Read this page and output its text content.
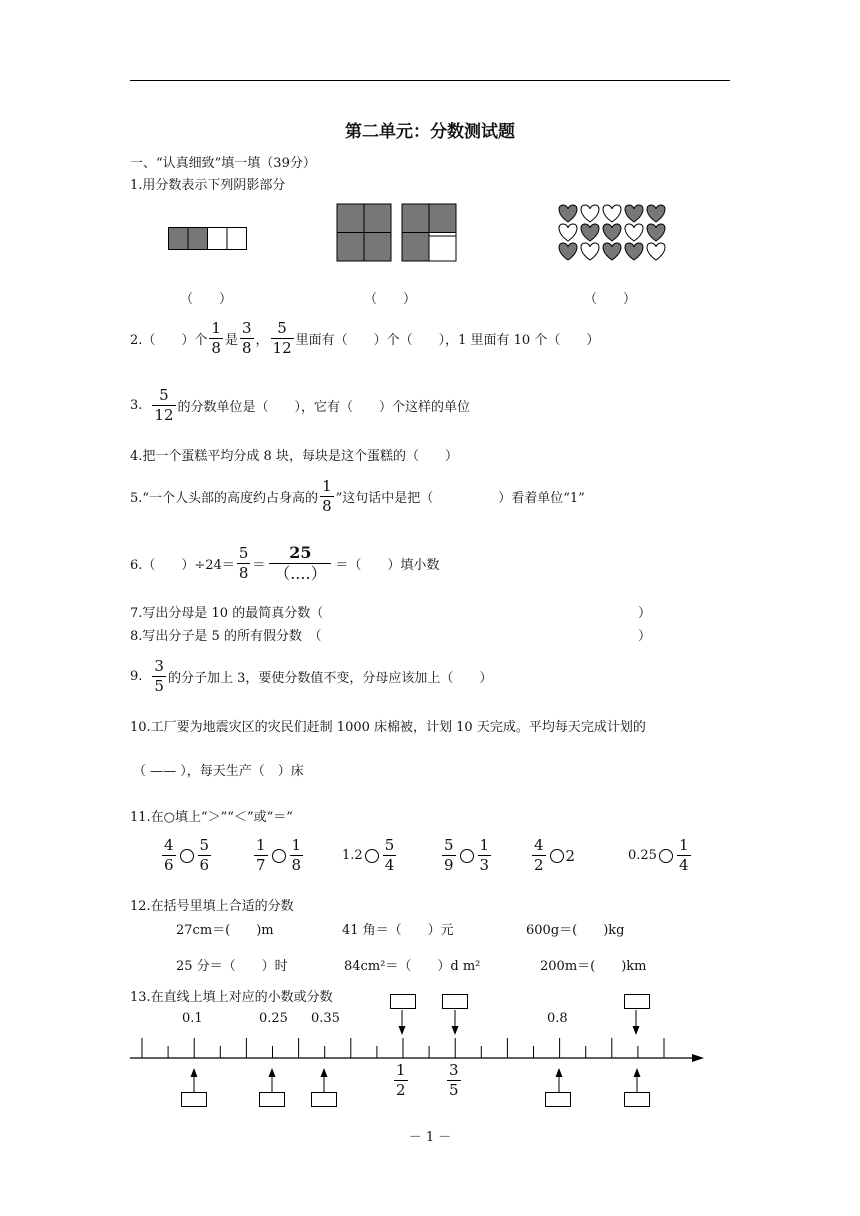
第二单元：分数测试题
一、“认真细致”填一填（39分）
1.用分数表示下列阴影部分
（　　）	（　　）	（　　）
2.（　　）个 $\frac{1}{8}$ 是 $\frac{3}{8}$ ， $\frac{5}{12}$ 里面有（　　）个（　　），1 里面有 10 个（　　）
3. $\frac{5}{12}$ 的分数单位是（　　），它有（　　）个这样的单位
4.把一个蛋糕平均分成 8 块，每块是这个蛋糕的（　　）
5.“一个人头部的高度约占身高的 $\frac{1}{8}$ ”这句话中是把（　　　　　）看着单位“1”
6.（　　）$\div 24= \frac{5}{8} = \frac{25}{(....)}$ ＝（　　）填小数
7.写出分母是 10 的最简真分数（	）
8.写出分子是 5 的所有假分数　（	）
9. $\frac{3}{5}$ 的分子加上 3，要使分数值不变，分母应该加上（　　）
10.工厂要为地震灾区的灾民们赶制 1000 床棉被，计划 10 天完成。平均每天完成计划的
（ —— ），每天生产（　）床
11.在○填上“＞”“＜”或“＝”
$\frac{4}{6} \frac{5}{6}$	$\frac{1}{7} \frac{1}{8}$	$1.2 \frac{5}{4}$	$\frac{5}{9} \frac{1}{3}$	$\frac{4}{2} 2$	$0.25 \frac{1}{4}$
12.在括号里填上合适的分数
27cm＝(　　)m	41 角＝（　　）元	600g＝(　　)kg
25 分＝（　　）时	84cm²＝（　　）d m²	200m＝(　　)km
13.在直线上填上对应的小数或分数
0.1	0.25 0.35	0.8
$\frac{1}{2}$	$\frac{3}{5}$
－ 1 －
